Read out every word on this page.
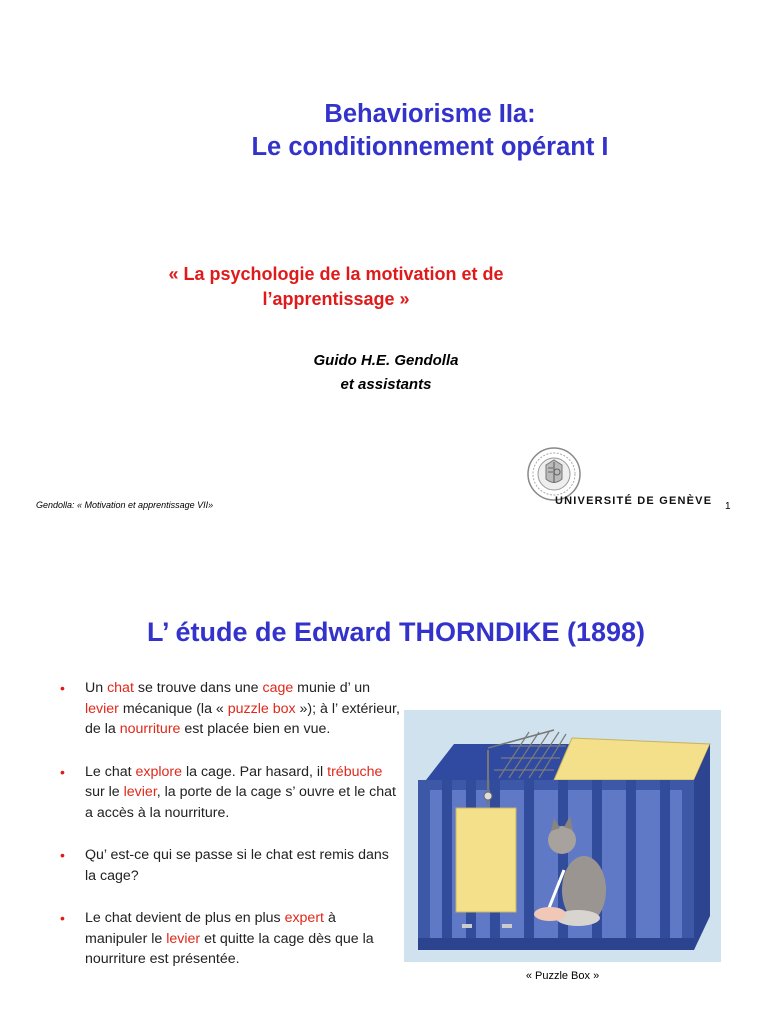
Behaviorisme IIa:
Le conditionnement opérant I
« La psychologie de la motivation et de
l’apprentissage »
Guido H.E. Gendolla
et assistants
Gendolla: « Motivation et apprentissage VII»	UNIVERSITÉ DE GENÈVE 1
L’ étude de Edward THORNDIKE (1898)
• Un chat se trouve dans une cage munie d’ un levier mécanique (la « puzzle box »); à l’ extérieur, de la nourriture est placée bien en vue.
• Le chat explore la cage. Par hasard, il trébuche sur le levier, la porte de la cage s’ ouvre et le chat a accès à la nourriture.
• Qu’ est-ce qui se passe si le chat est remis dans la cage?
• Le chat devient de plus en plus expert à manipuler le levier et quitte la cage dès que la nourriture est présentée.
« Puzzle Box »
